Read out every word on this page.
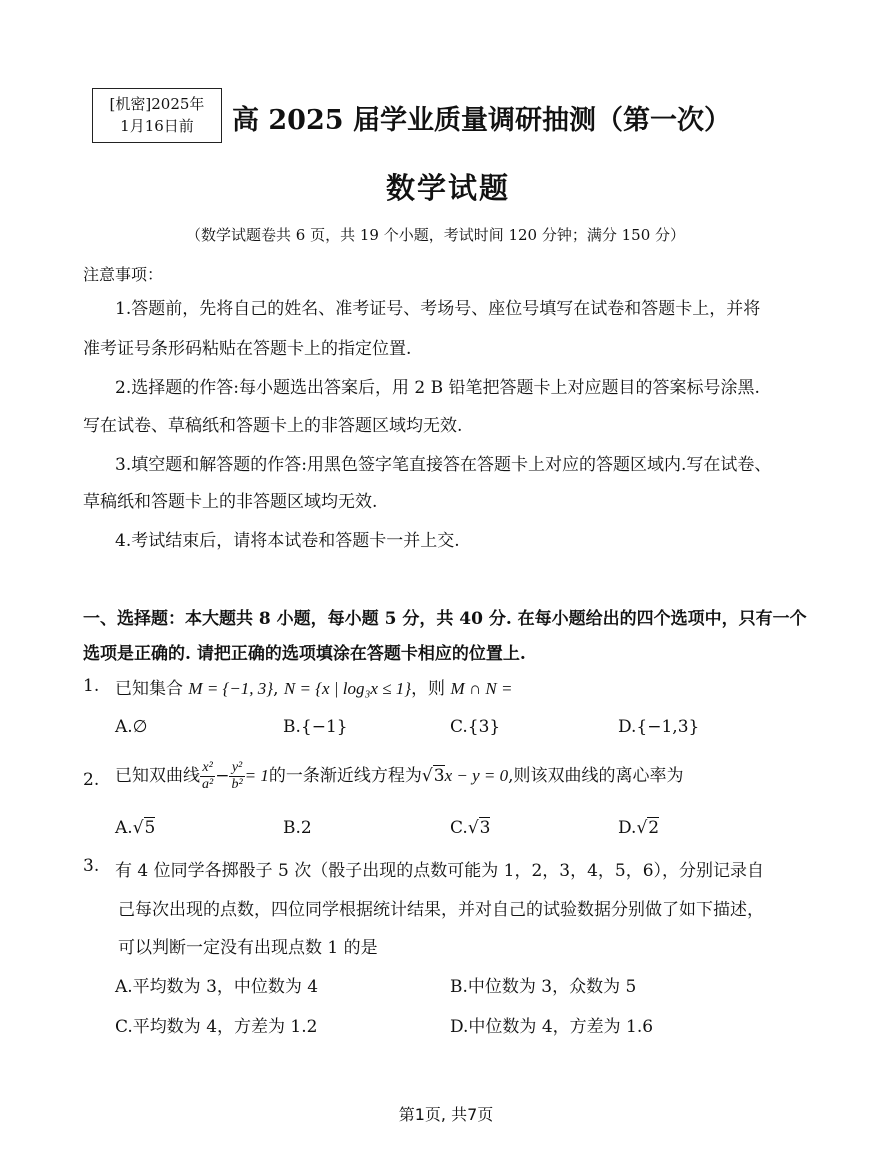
[机密]2025年
1月16日前	高 2025 届学业质量调研抽测（第一次）
数学试题
（数学试题卷共 6 页，共 19 个小题，考试时间 120 分钟；满分 150 分）
注意事项：
1.答题前，先将自己的姓名、准考证号、考场号、座位号填写在试卷和答题卡上，并将
准考证号条形码粘贴在答题卡上的指定位置.
2.选择题的作答:每小题选出答案后，用 2 B 铅笔把答题卡上对应题目的答案标号涂黑.
写在试卷、草稿纸和答题卡上的非答题区域均无效.
3.填空题和解答题的作答:用黑色签字笔直接答在答题卡上对应的答题区域内.写在试卷、
草稿纸和答题卡上的非答题区域均无效.
4.考试结束后，请将本试卷和答题卡一并上交.
一、选择题：本大题共 8 小题，每小题 5 分，共 40 分. 在每小题给出的四个选项中，只有一个选项是正确的. 请把正确的选项填涂在答题卡相应的位置上.
1. 已知集合 M = {−1, 3}, N = {x | log₃x ≤ 1}，则 M ∩ N =
A.∅	B.{−1}	C.{3}	D.{−1,3}
2. 已知双曲线 $\frac{\text{x²}}{\text{a²}} - \frac{\text{y²}}{\text{b²}} = 1$的一条渐近线方程为√3x − y = 0,则该双曲线的离心率为
A.√5	B.2	C.√3	D.√2
3. 有 4 位同学各掷骰子 5 次（骰子出现的点数可能为 1，2，3，4，5，6），分别记录自
己每次出现的点数，四位同学根据统计结果，并对自己的试验数据分别做了如下描述，
可以判断一定没有出现点数 1 的是
A.平均数为 3，中位数为 4	B.中位数为 3，众数为 5
C.平均数为 4，方差为 1.2	D.中位数为 4，方差为 1.6
第1页, 共7页
